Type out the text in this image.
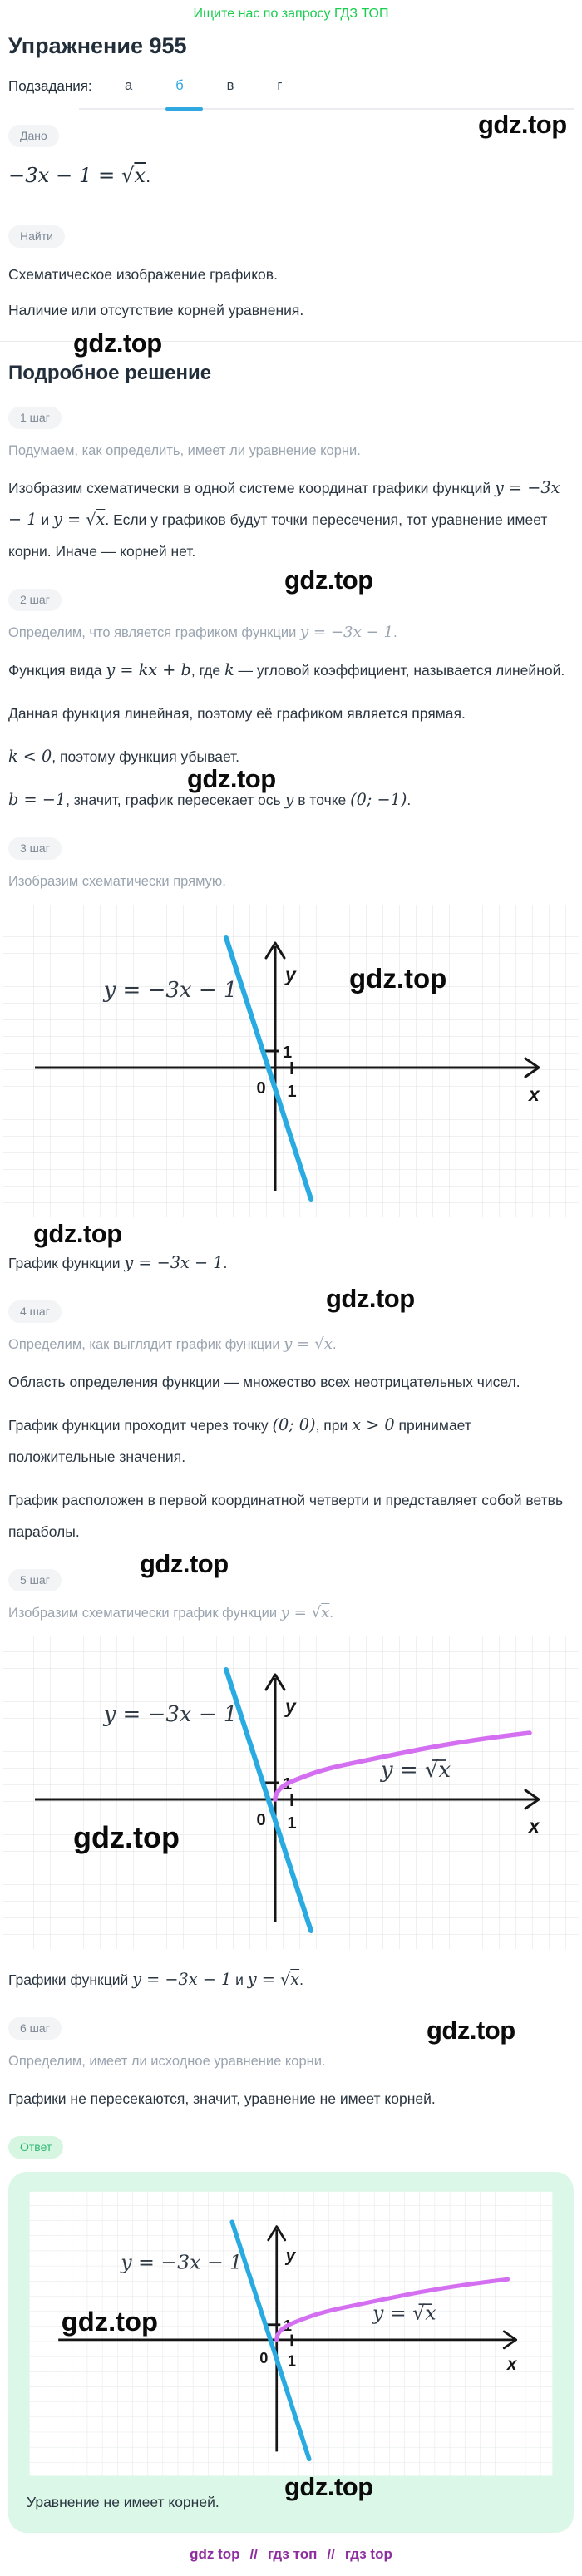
Ищите нас по запросу ГДЗ ТОП
Упражнение 955
Подзадания: а	б	в	г
gdz.top
Дано
−3x − 1 = √x.
Найти

Схематическое изображение графиков.

Наличие или отсутствие корней уравнения.

gdz.top
Подробное решение
1 шаг

Подумаем, как определить, имеет ли уравнение корни.

Изобразим схематически в одной системе координат графики функций y = −3x − 1 и y = √x. Если у графиков будут точки пересечения, тот уравнение имеет корни. Иначе — корней нет.

gdz.top
2 шаг

Определим, что является графиком функции y = −3x − 1.

Функция вида y = kx + b, где k — угловой коэффициент, называется линейной.

Данная функция линейная, поэтому её графиком является прямая.

k < 0, поэтому функция убывает.

gdz.top

b = −1, значит, график пересекает ось y в точке (0; −1).

3 шаг

Изобразим схематически прямую.

y
x
1
1
0
y = −3x − 1	gdz.top
gdz.top

График функции y = −3x − 1.

gdz.top
4 шаг

Определим, как выглядит график функции y = √x.

Область определения функции — множество всех неотрицательных чисел.

График функции проходит через точку (0; 0), при x > 0 принимает положительные значения.

График расположен в первой координатной четверти и представляет собой ветвь параболы.

gdz.top
5 шаг

Изобразим схематически график функции y = √x.

y
x
1
1
0
y = −3x − 1
y = √x
gdz.top

Графики функций y = −3x − 1 и y = √x.

gdz.top
6 шаг

Определим, имеет ли исходное уравнение корни.

Графики не пересекаются, значит, уравнение не имеет корней.

Ответ
y
x
1
1
0
y = −3x − 1
y = √x
gdz.top
gdz.top

Уравнение не имеет корней.

gdz top // гдз топ // гдз top
